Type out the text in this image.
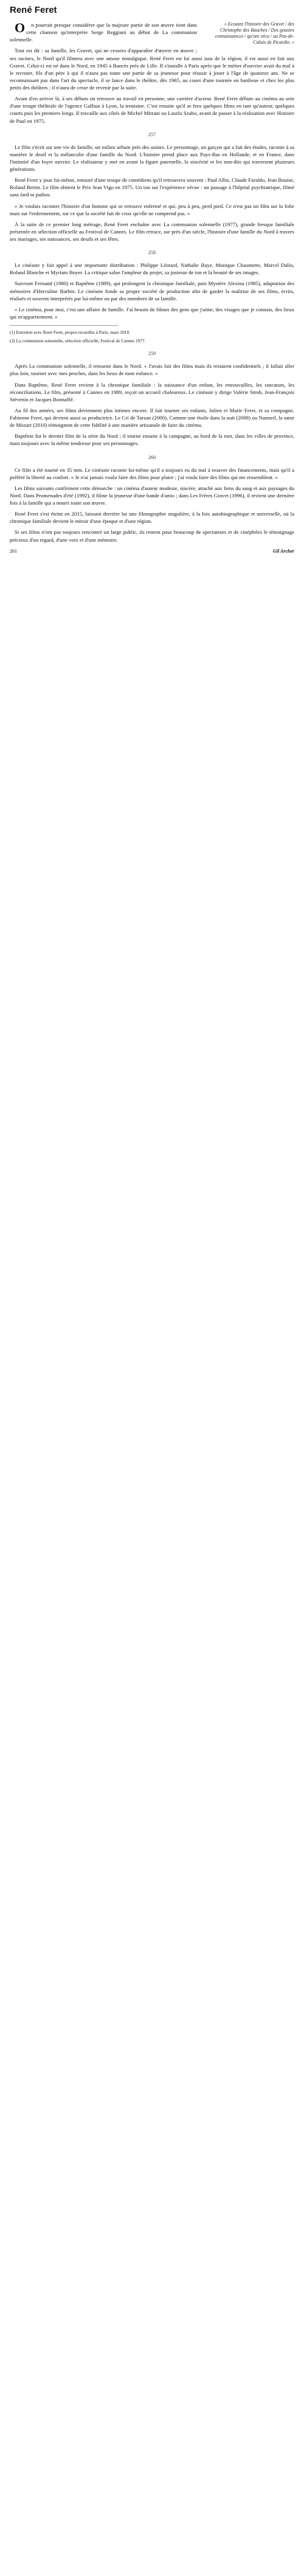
René Feret
« Ecoutez l'histoire des Gravet / des Christophe des Bauches / Des goustes connaissances / qu'ont vécu / au Pas-de-Calais de Picardie. »

On pourrait presque considérer que la majeure partie de son œuvre tient dans cette chanson qu'interprète Serge Reggiani au début de La communion solennelle.

Tout est dit : sa famille, les Gravet, qui ne cessera d'apparaître d'œuvre en œuvre ; ses racines, le Nord qu'il filmera avec une amour nostalgique. René Feret est lui aussi issu de la région, il est aussi en fait aux Gravet. Celui-ci est né dans le Nord, en 1945 à Bancès près de Lille. Il s'installe à Paris après que le métier d'ouvrier avait du mal à le recruter, fils d'un père à qui il n'aura pas toute une partie de sa jeunesse pour réussir à jouer à l'âge de quatorze ans. Ne se reconnaissant pas dans l'art du spectacle, il se lance dans le théâtre, dès 1965, au cours d'une tournée en banlieue et chez les plus petits des théâtres ; il n'aura de cesse de revenir par la suite.

Avant d'en arriver là, à ses débuts on retrouve au travail en personne, une carrière d'acteur. René Feret débute au cinéma au sein d'une troupe théâtrale de l'agence Gaffaut à Lyon, la trentaine. C'est ensuite qu'il se fera quelques films en tant qu'auteur, quelques courts puis les premiers longs. Il travaille aux côtés de Michel Mitrani ou Laszlo Szabo, avant de passer à la réalisation avec Histoire de Paul en 1975.

257

Le film s'écrit sur une vie de famille, un milieu urbain près des usines. Le personnage, un garçon qui a fait des études, raconte à sa manière le deuil et la mélancolie d'une famille du Nord. L'histoire prend place aux Pays-Bas en Hollande, et en France, dans l'intimité d'un foyer ouvrier. Le réalisateur y met en avant la figure paternelle, la sincérité et les non-dits qui traversent plusieurs générations.

René Feret y joue lui-même, entouré d'une troupe de comédiens qu'il retrouvera souvent : Paul Allio, Claude Faraldo, Jean Bouise, Roland Bertin. Le film obtient le Prix Jean Vigo en 1975. Un ton sur l'expérience vécue : un passage à l'hôpital psychiatrique, filmé sans fard ni pathos.

« Je voulais raconter l'histoire d'un homme qui se retrouve enfermé et qui, peu à peu, perd pied. Ce n'est pas un film sur la folie mais sur l'enfermement, sur ce que la société fait de ceux qu'elle ne comprend pas. »

À la suite de ce premier long métrage, René Feret enchaîne avec La communion solennelle (1977), grande fresque familiale présentée en sélection officielle au Festival de Cannes. Le film retrace, sur près d'un siècle, l'histoire d'une famille du Nord à travers ses mariages, ses naissances, ses deuils et ses fêtes.

258

Le cinéaste y fait appel à une importante distribution : Philippe Léotard, Nathalie Baye, Monique Chaumette, Marcel Dalio, Roland Blanche et Myriam Boyer. La critique salue l'ampleur du projet, sa justesse de ton et la beauté de ses images.

Suivront Fernand (1980) et Baptême (1989), qui prolongent la chronique familiale, puis Mystère Alexina (1985), adaptation des mémoires d'Herculine Barbin. Le cinéaste fonde sa propre société de production afin de garder la maîtrise de ses films, écrits, réalisés et souvent interprétés par lui-même ou par des membres de sa famille.

« Le cinéma, pour moi, c'est une affaire de famille. J'ai besoin de filmer des gens que j'aime, des visages que je connais, des lieux qui m'appartiennent. »

(1) Entretien avec René Feret, propos recueillis à Paris, mars 2010.

(2) La communion solennelle, sélection officielle, Festival de Cannes 1977.

259

Après La communion solennelle, il retourne dans le Nord. « J'avais fait des films mais ils restaient confidentiels ; il fallait aller plus loin, tourner avec mes proches, dans les lieux de mon enfance. »

Dans Baptême, René Feret revient à la chronique familiale : la naissance d'un enfant, les retrouvailles, les rancœurs, les réconciliations. Le film, présenté à Cannes en 1989, reçoit un accueil chaleureux. Le cinéaste y dirige Valérie Stroh, Jean-François Stévenin et Jacques Bonnaffé.

Au fil des années, ses films deviennent plus intimes encore. Il fait tourner ses enfants, Julien et Marie Feret, et sa compagne, Fabienne Feret, qui devient aussi sa productrice. Le Cri de Tarzan (2000), Comme une étoile dans la nuit (2008) ou Nannerl, la sœur de Mozart (2010) témoignent de cette fidélité à une manière artisanale de faire du cinéma.

Baptême fut le dernier film de la série du Nord ; il tourne ensuite à la campagne, au bord de la mer, dans les villes de province, mais toujours avec la même tendresse pour ses personnages.

260

Ce film a été tourné en 35 mm. Le cinéaste raconte lui-même qu'il a toujours eu du mal à trouver des financements, mais qu'il a préféré la liberté au confort. « Je n'ai jamais voulu faire des films pour plaire ; j'ai voulu faire des films qui me ressemblent. »

Les films suivants confirment cette démarche : un cinéma d'auteur modeste, sincère, attaché aux liens du sang et aux paysages du Nord. Dans Promenades d'été (1992), il filme la jeunesse d'une bande d'amis ; dans Les Frères Gravet (1996), il revient une dernière fois à la famille qui a nourri toute son œuvre.

René Feret s'est éteint en 2015, laissant derrière lui une filmographie singulière, à la fois autobiographique et universelle, où la chronique familiale devient le miroir d'une époque et d'une région.

Si ses films n'ont pas toujours rencontré un large public, ils restent pour beaucoup de spectateurs et de cinéphiles le témoignage précieux d'un regard, d'une voix et d'une mémoire.

261	Gil Archer
